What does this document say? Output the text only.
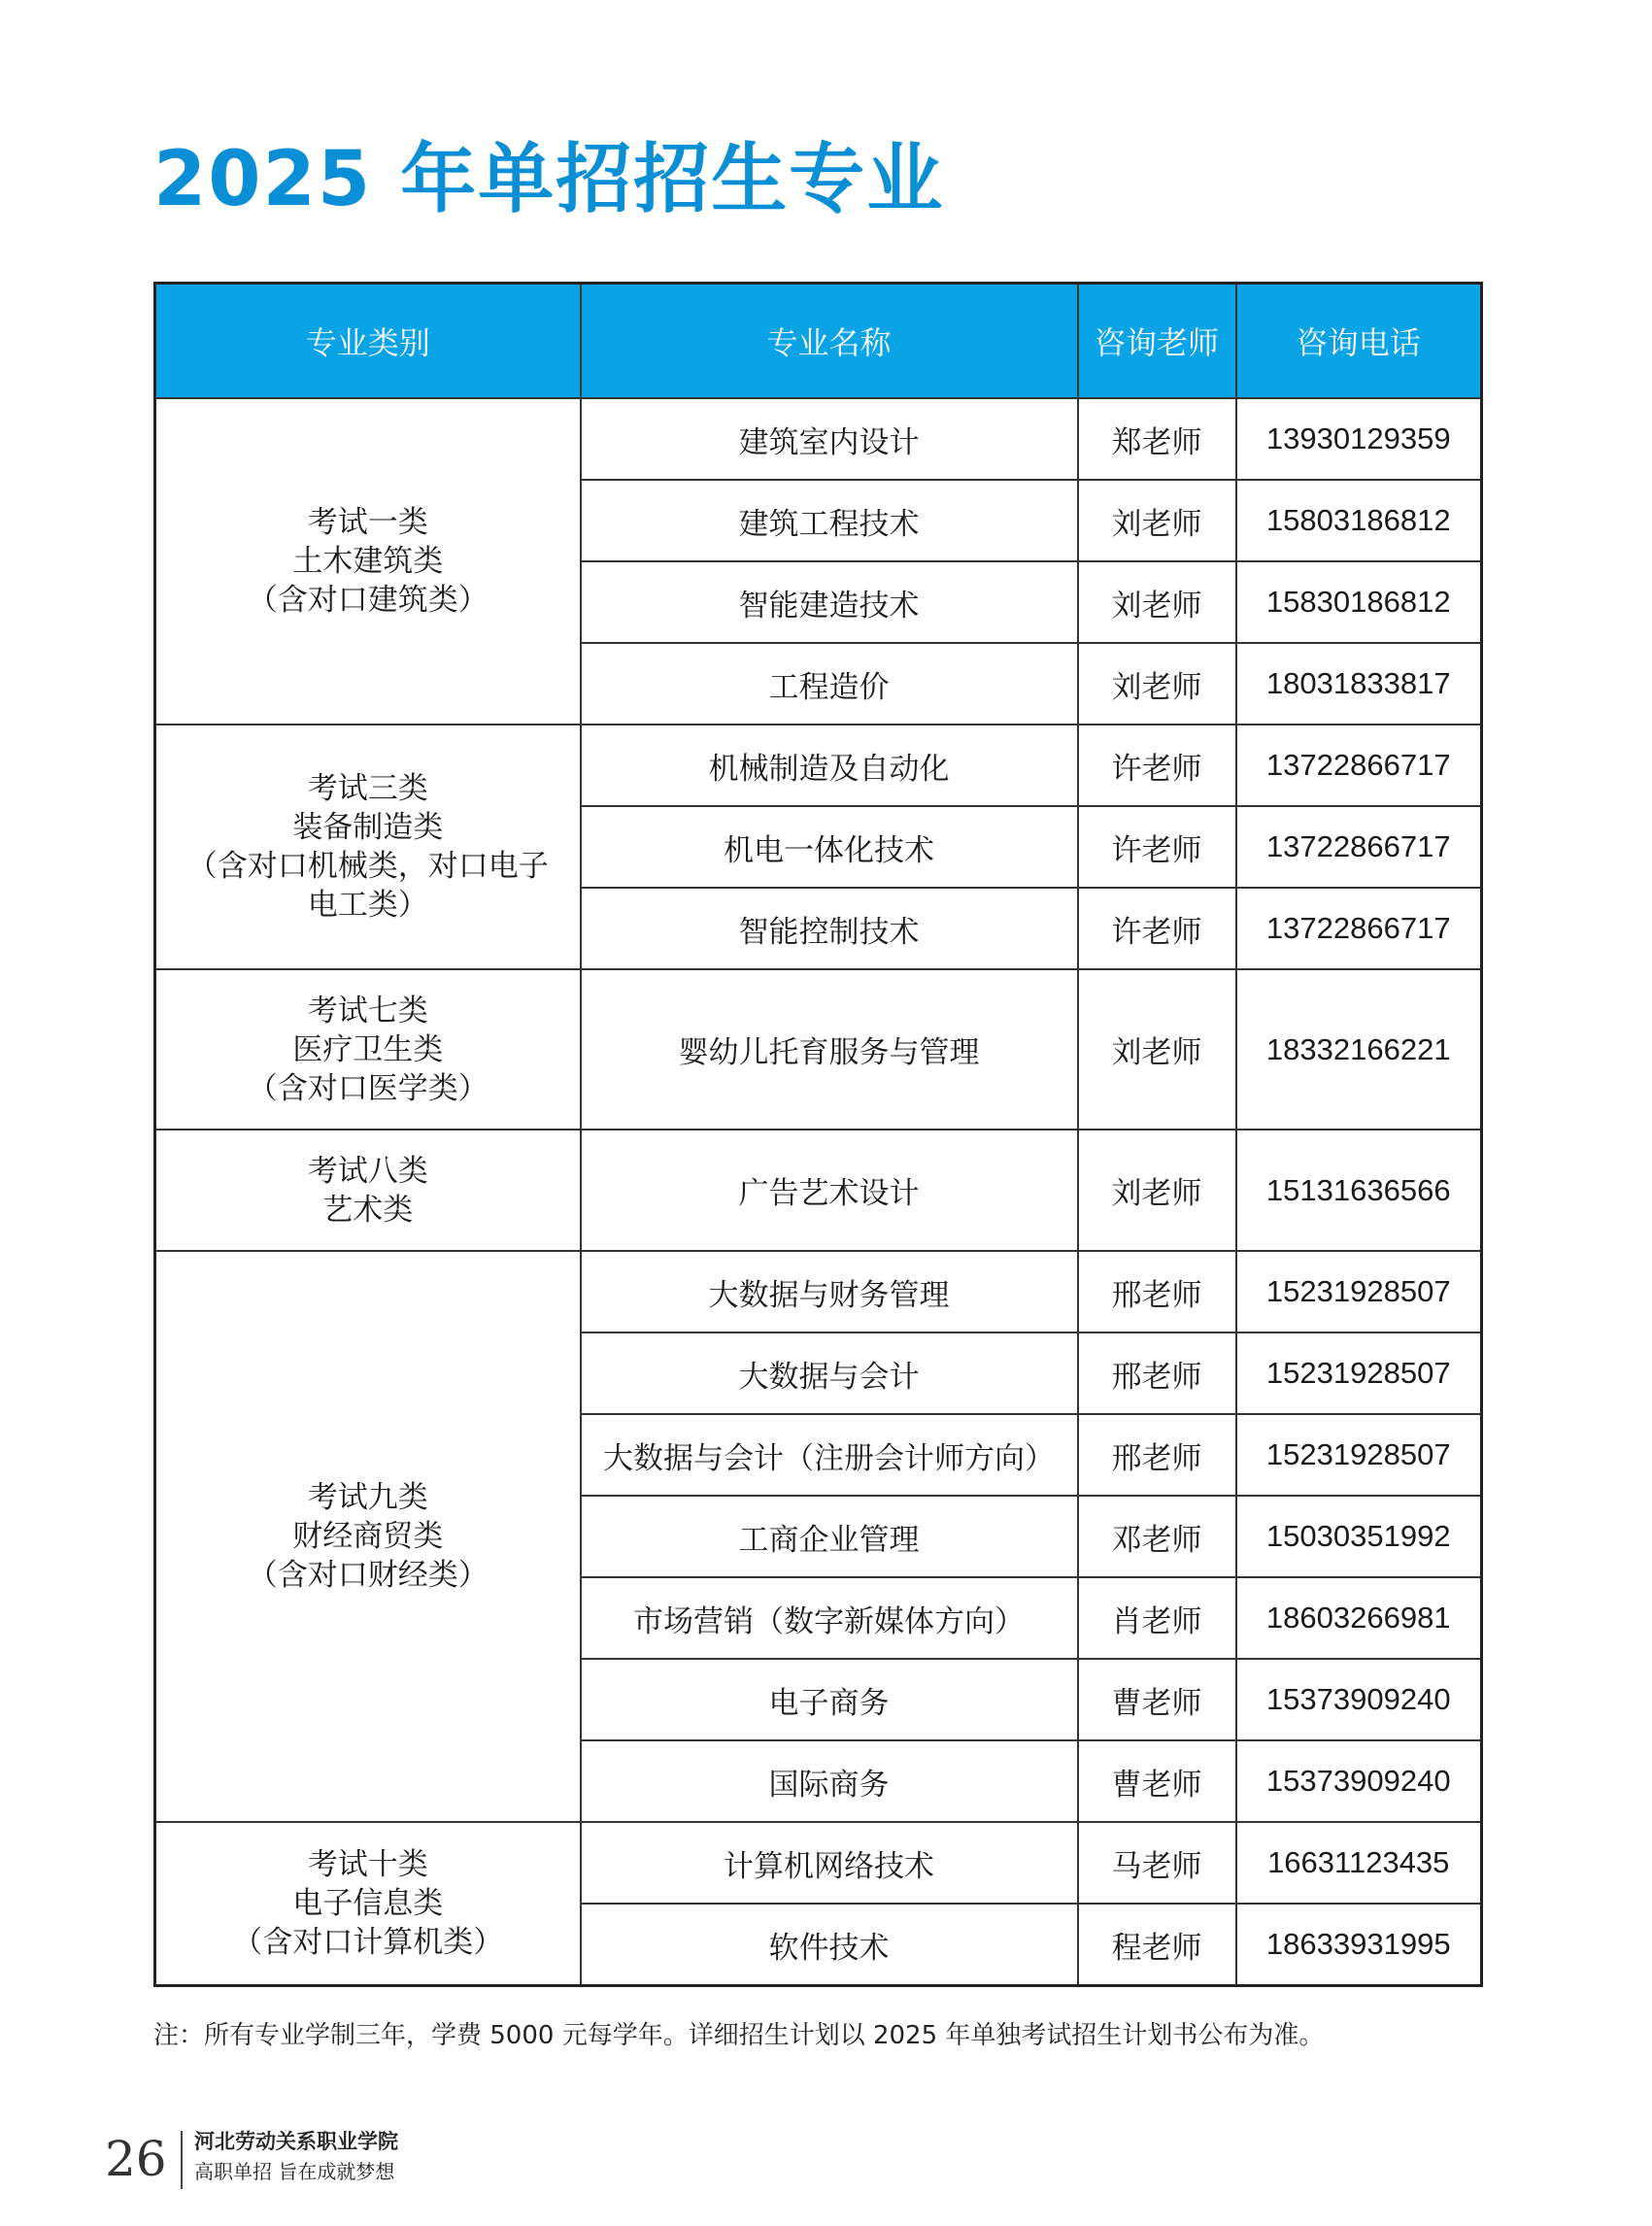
2025 年单招招生专业
专业类别	专业名称	咨询老师	咨询电话

考试一类
土木建筑类
（含对口建筑类）	建筑室内设计	郑老师	13930129359
	建筑工程技术	刘老师	15803186812
	智能建造技术	刘老师	15830186812
	工程造价	刘老师	18031833817

考试三类
装备制造类
（含对口机械类，对口电子
电工类）	机械制造及自动化	许老师	13722866717
	机电一体化技术	许老师	13722866717
	智能控制技术	许老师	13722866717

考试七类
医疗卫生类
（含对口医学类）	婴幼儿托育服务与管理	刘老师	18332166221

考试八类
艺术类	广告艺术设计	刘老师	15131636566

考试九类
财经商贸类
（含对口财经类）	大数据与财务管理	邢老师	15231928507
	大数据与会计	邢老师	15231928507
	大数据与会计（注册会计师方向）	邢老师	15231928507
	工商企业管理	邓老师	15030351992
	市场营销（数字新媒体方向）	肖老师	18603266981
	电子商务	曹老师	15373909240
	国际商务	曹老师	15373909240

考试十类
电子信息类
（含对口计算机类）	计算机网络技术	马老师	16631123435
	软件技术	程老师	18633931995
注：所有专业学制三年，学费 5000 元每学年。详细招生计划以 2025 年单独考试招生计划书公布为准。
26 河北劳动关系职业学院
高职单招 旨在成就梦想
